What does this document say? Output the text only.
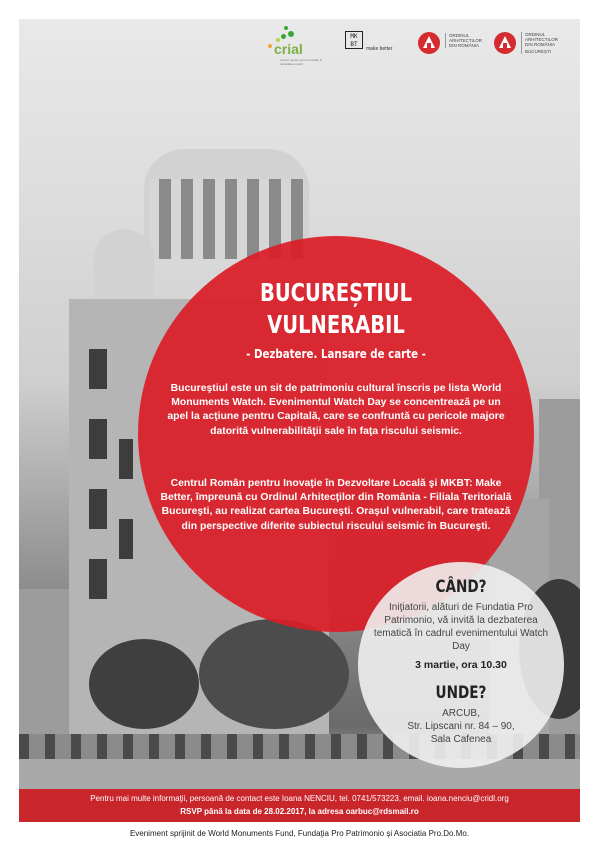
crial
centrul român pentru inovaţie în dezvoltare locală
MK BT
make better
ORDINUL
ARHITECTILOR
DIN ROMÂNIA
ORDINUL
ARHITECTILOR
DIN ROMÂNIA
BUCUREȘTI
BUCUREȘTIUL
VULNERABIL
- Dezbatere. Lansare de carte -
Bucureştiul este un sit de patrimoniu cultural înscris pe lista World Monuments Watch. Evenimentul Watch Day se concentrează pe un apel la acţiune pentru Capitală, care se confruntă cu pericole majore datorită vulnerabilităţii sale în faţa riscului seismic.
Centrul Român pentru Inovaţie în Dezvoltare Locală şi MKBT: Make Better, împreună cu Ordinul Arhitecţilor din România - Filiala Teritorială Bucureşti, au realizat cartea Bucureşti. Oraşul vulnerabil, care tratează din perspective diferite subiectul riscului seismic în Bucureşti.
CÂND?
Iniţiatorii, alături de Fundatia Pro Patrimonio, vă invită la dezbaterea tematică în cadrul evenimentului Watch Day
3 martie, ora 10.30
UNDE?
ARCUB,
Str. Lipscani nr. 84 – 90,
Sala Cafenea
Pentru mai multe informaţii, persoană de contact este Ioana NENCIU, tel. 0741/573223, email. ioana.nenciu@cridl.org
RSVP până la data de 28.02.2017, la adresa oarbuc@rdsmail.ro
Eveniment sprijinit de World Monuments Fund, Fundaţia Pro Patrimonio şi Asociatia Pro.Do.Mo.
